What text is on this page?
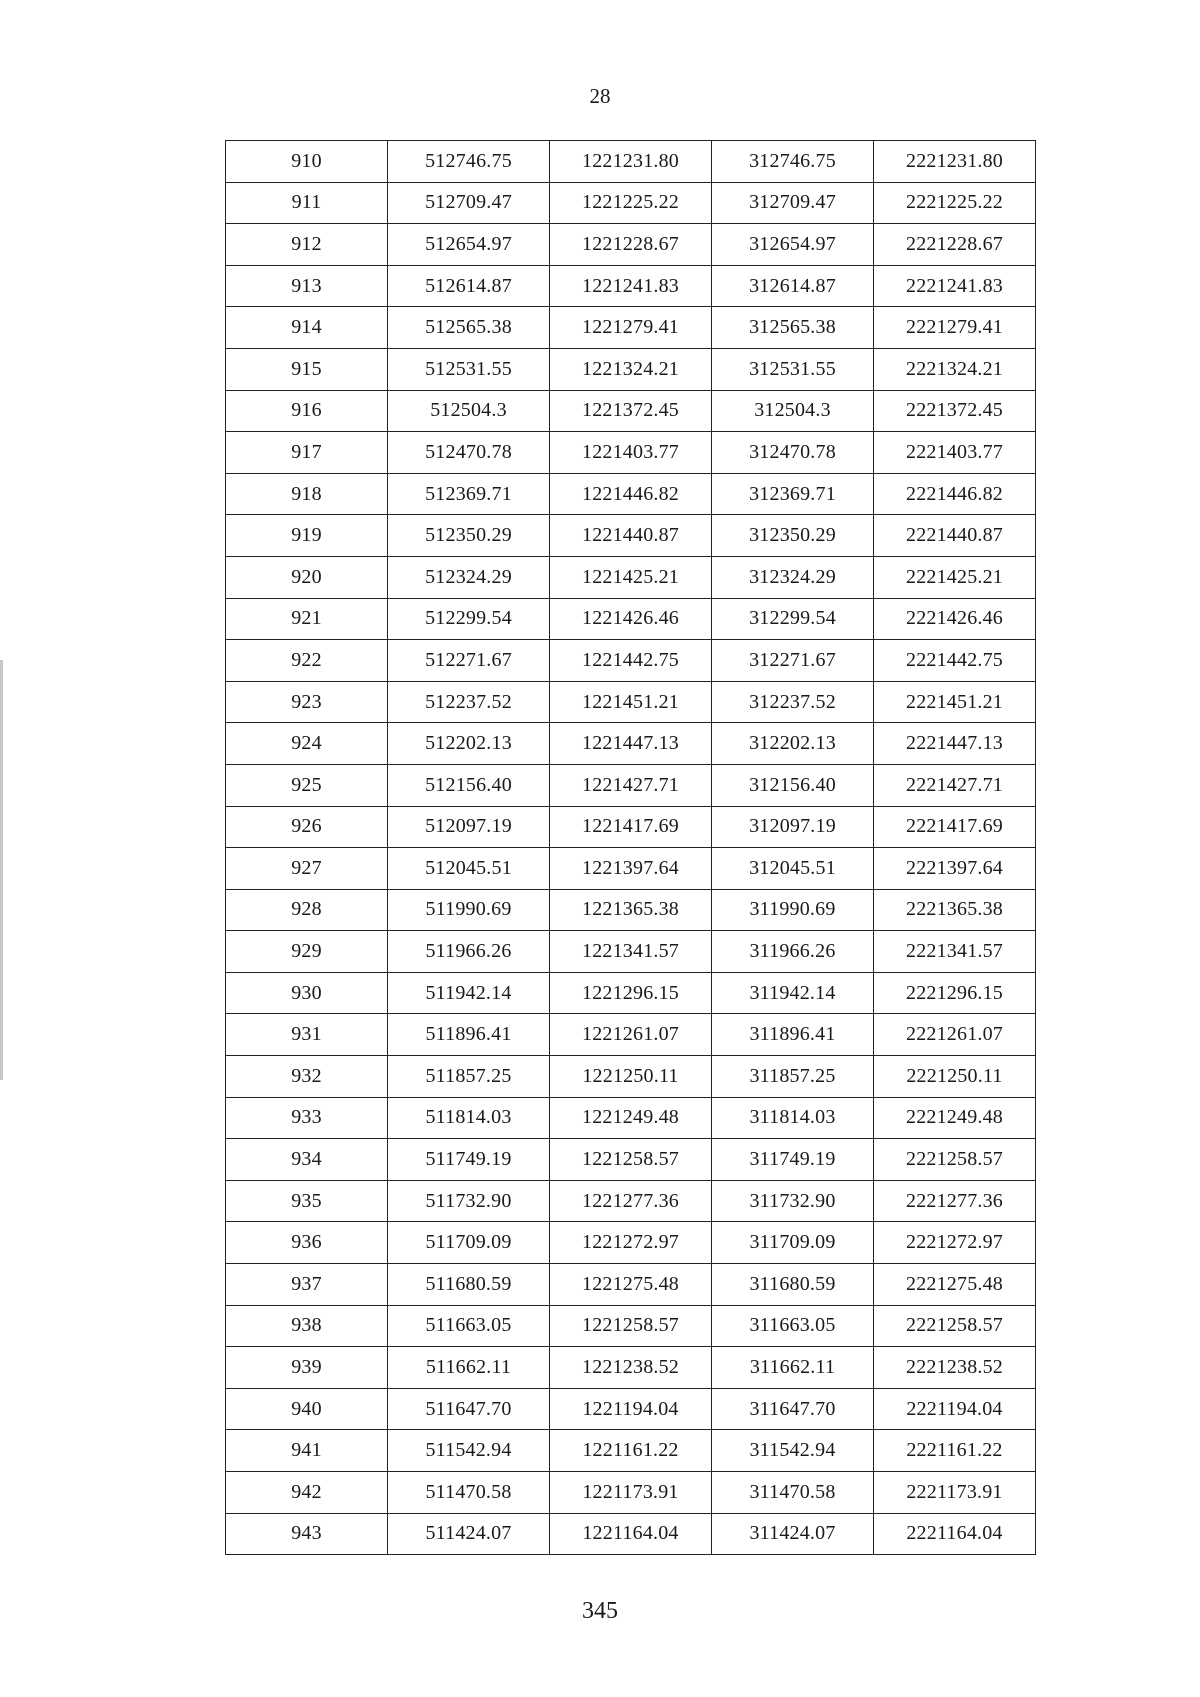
28
910	512746.75	1221231.80	312746.75	2221231.80
911	512709.47	1221225.22	312709.47	2221225.22
912	512654.97	1221228.67	312654.97	2221228.67
913	512614.87	1221241.83	312614.87	2221241.83
914	512565.38	1221279.41	312565.38	2221279.41
915	512531.55	1221324.21	312531.55	2221324.21
916	512504.3	1221372.45	312504.3	2221372.45
917	512470.78	1221403.77	312470.78	2221403.77
918	512369.71	1221446.82	312369.71	2221446.82
919	512350.29	1221440.87	312350.29	2221440.87
920	512324.29	1221425.21	312324.29	2221425.21
921	512299.54	1221426.46	312299.54	2221426.46
922	512271.67	1221442.75	312271.67	2221442.75
923	512237.52	1221451.21	312237.52	2221451.21
924	512202.13	1221447.13	312202.13	2221447.13
925	512156.40	1221427.71	312156.40	2221427.71
926	512097.19	1221417.69	312097.19	2221417.69
927	512045.51	1221397.64	312045.51	2221397.64
928	511990.69	1221365.38	311990.69	2221365.38
929	511966.26	1221341.57	311966.26	2221341.57
930	511942.14	1221296.15	311942.14	2221296.15
931	511896.41	1221261.07	311896.41	2221261.07
932	511857.25	1221250.11	311857.25	2221250.11
933	511814.03	1221249.48	311814.03	2221249.48
934	511749.19	1221258.57	311749.19	2221258.57
935	511732.90	1221277.36	311732.90	2221277.36
936	511709.09	1221272.97	311709.09	2221272.97
937	511680.59	1221275.48	311680.59	2221275.48
938	511663.05	1221258.57	311663.05	2221258.57
939	511662.11	1221238.52	311662.11	2221238.52
940	511647.70	1221194.04	311647.70	2221194.04
941	511542.94	1221161.22	311542.94	2221161.22
942	511470.58	1221173.91	311470.58	2221173.91
943	511424.07	1221164.04	311424.07	2221164.04
345
